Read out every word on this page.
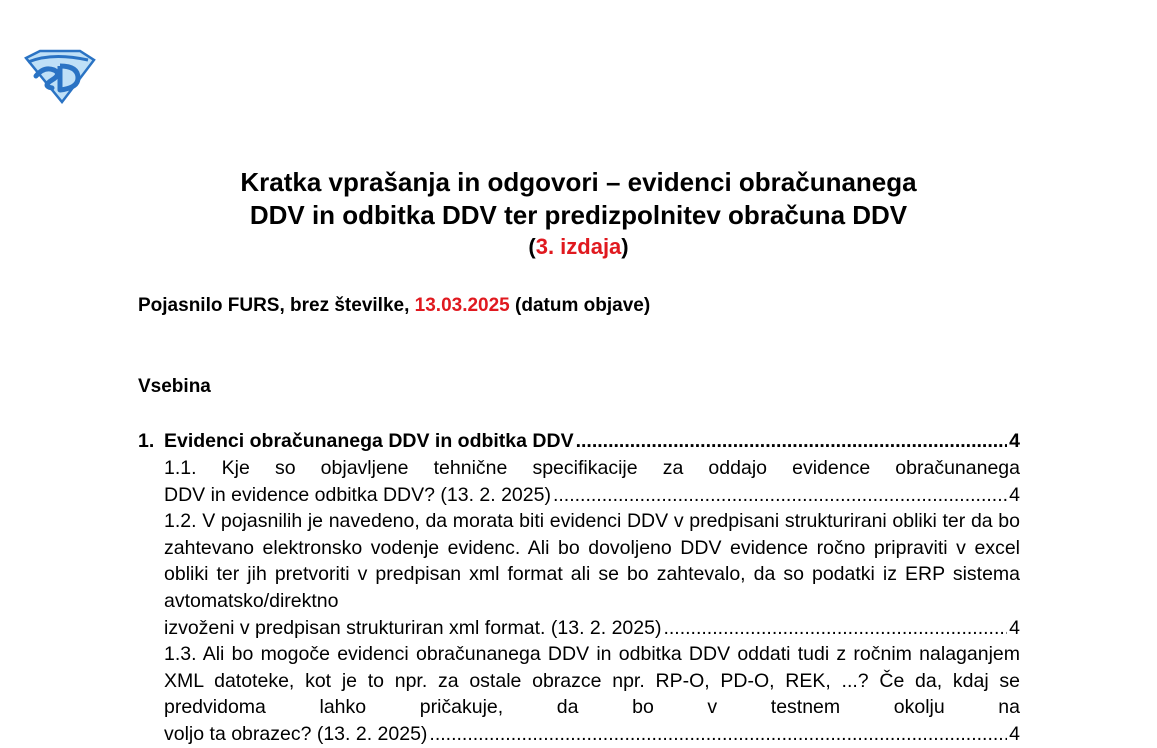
Kratka vprašanja in odgovori – evidenci obračunanega
DDV in odbitka DDV ter predizpolnitev obračuna DDV
(3. izdaja)
Pojasnilo FURS, brez številke, 13.03.2025 (datum objave)
Vsebina
1. Evidenci obračunanega DDV in odbitka DDV .....	4
1.1. Kje so objavljene tehnične specifikacije za oddajo evidence obračunanega
DDV in evidence odbitka DDV? (13. 2. 2025) .....	4
1.2. V pojasnilih je navedeno, da morata biti evidenci DDV v predpisani strukturirani obliki ter da bo zahtevano elektronsko vodenje evidenc. Ali bo dovoljeno DDV evidence ročno pripraviti v excel obliki ter jih pretvoriti v predpisan xml format ali se bo zahtevalo, da so podatki iz ERP sistema avtomatsko/direktno
izvoženi v predpisan strukturiran xml format. (13. 2. 2025) .....	4
1.3. Ali bo mogoče evidenci obračunanega DDV in odbitka DDV oddati tudi z ročnim nalaganjem XML datoteke, kot je to npr. za ostale obrazce npr. RP-O, PD-O, REK, ...? Če da, kdaj se predvidoma lahko pričakuje, da bo v testnem okolju na
voljo ta obrazec? (13. 2. 2025) .....	4
